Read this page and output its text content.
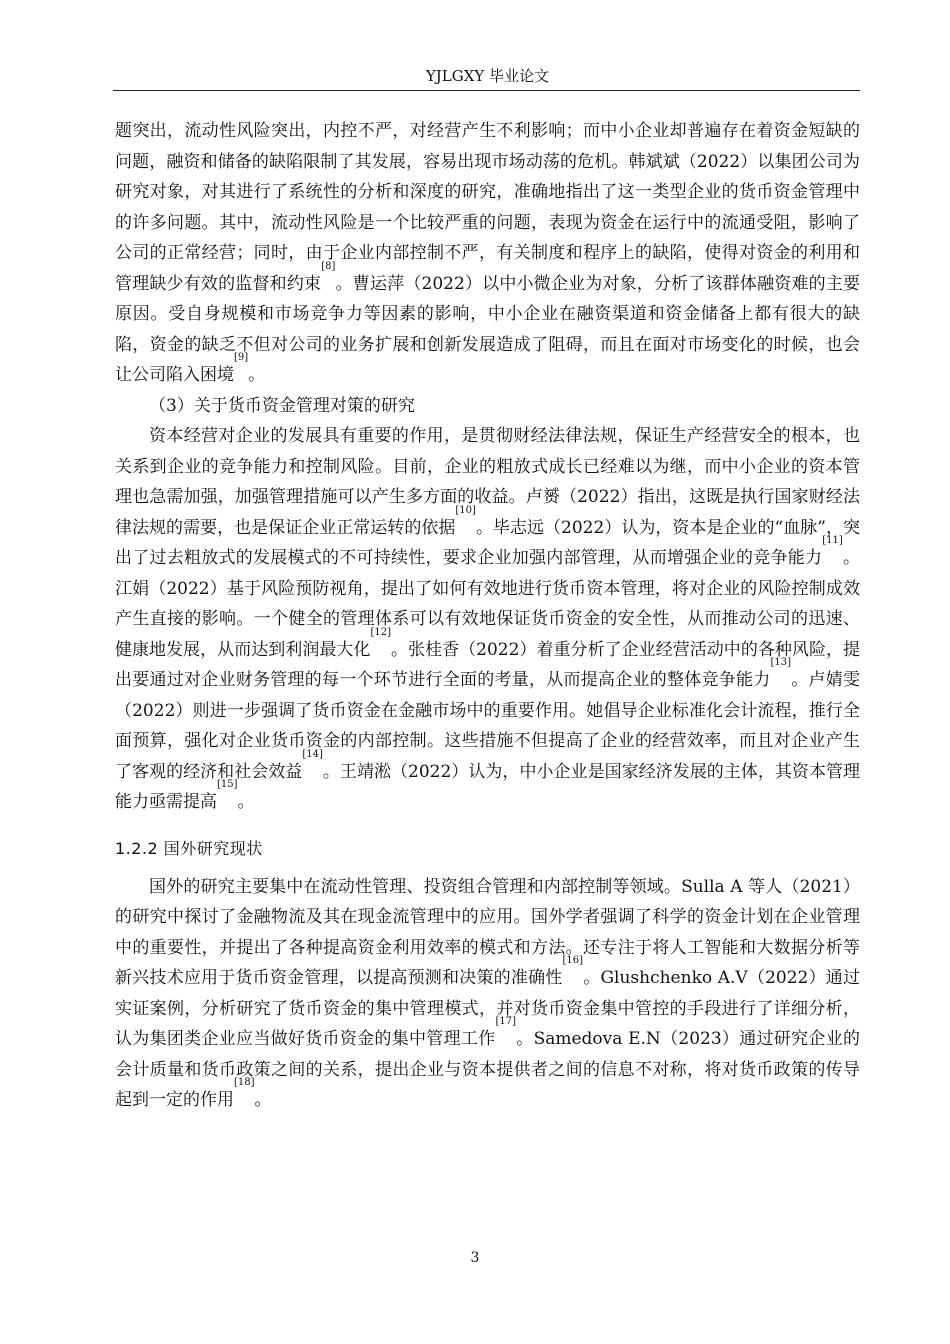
YJLGXY 毕业论文

题突出，流动性风险突出，内控不严，对经营产生不利影响；而中小企业却普遍存在着资金短缺的问题，融资和储备的缺陷限制了其发展，容易出现市场动荡的危机。韩斌斌（2022）以集团公司为研究对象，对其进行了系统性的分析和深度的研究，准确地指出了这一类型企业的货币资金管理中的许多问题。其中，流动性风险是一个比较严重的问题，表现为资金在运行中的流通受阻，影响了公司的正常经营；同时，由于企业内部控制不严，有关制度和程序上的缺陷，使得对资金的利用和管理缺少有效的监督和约束[8]。曹运萍（2022）以中小微企业为对象，分析了该群体融资难的主要原因。受自身规模和市场竞争力等因素的影响，中小企业在融资渠道和资金储备上都有很大的缺陷，资金的缺乏不但对公司的业务扩展和创新发展造成了阻碍，而且在面对市场变化的时候，也会让公司陷入困境[9]。

（3）关于货币资金管理对策的研究

资本经营对企业的发展具有重要的作用，是贯彻财经法律法规，保证生产经营安全的根本，也关系到企业的竞争能力和控制风险。目前，企业的粗放式成长已经难以为继，而中小企业的资本管理也急需加强，加强管理措施可以产生多方面的收益。卢赟（2022）指出，这既是执行国家财经法律法规的需要，也是保证企业正常运转的依据[10]。毕志远（2022）认为，资本是企业的“血脉”，突出了过去粗放式的发展模式的不可持续性，要求企业加强内部管理，从而增强企业的竞争能力[11]。江娟（2022）基于风险预防视角，提出了如何有效地进行货币资本管理，将对企业的风险控制成效产生直接的影响。一个健全的管理体系可以有效地保证货币资金的安全性，从而推动公司的迅速、健康地发展，从而达到利润最大化[12]。张桂香（2022）着重分析了企业经营活动中的各种风险，提出要通过对企业财务管理的每一个环节进行全面的考量，从而提高企业的整体竞争能力[13]。卢婧雯（2022）则进一步强调了货币资金在金融市场中的重要作用。她倡导企业标准化会计流程，推行全面预算，强化对企业货币资金的内部控制。这些措施不但提高了企业的经营效率，而且对企业产生了客观的经济和社会效益[14]。王靖淞（2022）认为，中小企业是国家经济发展的主体，其资本管理能力亟需提高[15]。

1.2.2 国外研究现状

国外的研究主要集中在流动性管理、投资组合管理和内部控制等领域。Sulla A 等人（2021）的研究中探讨了金融物流及其在现金流管理中的应用。国外学者强调了科学的资金计划在企业管理中的重要性，并提出了各种提高资金利用效率的模式和方法。还专注于将人工智能和大数据分析等新兴技术应用于货币资金管理，以提高预测和决策的准确性[16]。Glushchenko A.V（2022）通过实证案例，分析研究了货币资金的集中管理模式，并对货币资金集中管控的手段进行了详细分析，认为集团类企业应当做好货币资金的集中管理工作[17]。Samedova E.N（2023）通过研究企业的会计质量和货币政策之间的关系，提出企业与资本提供者之间的信息不对称，将对货币政策的传导起到一定的作用[18]。

3
